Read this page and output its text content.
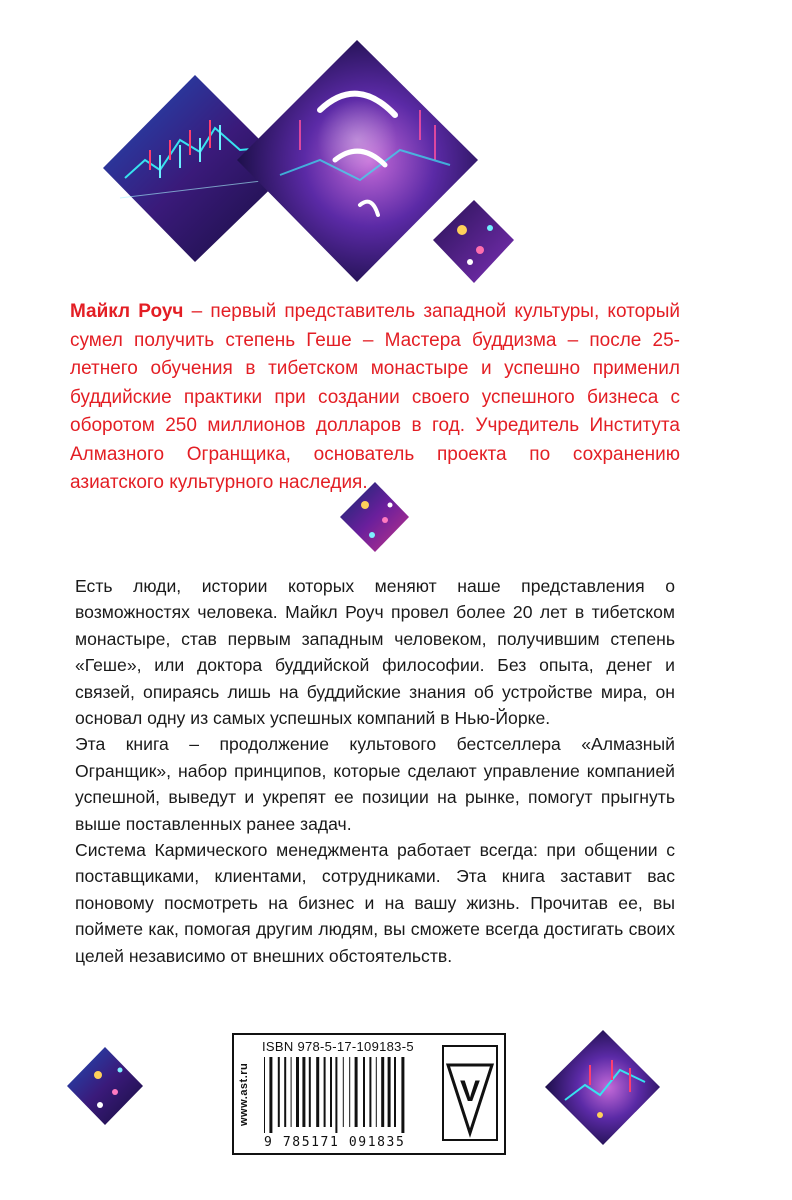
Майкл Роуч – первый представитель западной культуры, который сумел получить степень Геше – Мастера буддизма – после 25-летнего обучения в тибетском монастыре и успешно применил буддийские практики при создании своего успешного бизнеса с оборотом 250 миллионов долларов в год. Учредитель Института Алмазного Огранщика, основатель проекта по сохранению азиатского культурного наследия.

Есть люди, истории которых меняют наше представления о возможностях человека. Майкл Роуч провел более 20 лет в тибетском монастыре, став первым западным человеком, получившим степень «Геше», или доктора буддийской философии. Без опыта, денег и связей, опираясь лишь на буддийские знания об устройстве мира, он основал одну из самых успешных компаний в Нью-Йорке.

Эта книга – продолжение культового бестселлера «Алмазный Огранщик», набор принципов, которые сделают управление компанией успешной, выведут и укрепят ее позиции на рынке, помогут прыгнуть выше поставленных ранее задач.

Система Кармического менеджмента работает всегда: при общении с поставщиками, клиентами, сотрудниками. Эта книга заставит вас поновому посмотреть на бизнес и на вашу жизнь. Прочитав ее, вы поймете как, помогая другим людям, вы сможете всегда достигать своих целей независимо от внешних обстоятельств.

www.ast.ru
ISBN 978-5-17-109183-5
9 785171 091835
V
